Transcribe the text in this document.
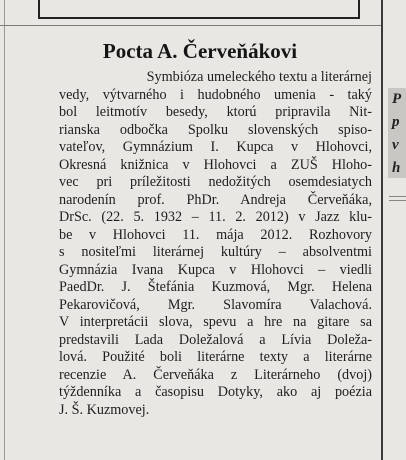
P
p
v
h
Pocta A. Červeňákovi
Symbióza umeleckého textu a literárnej
vedy, výtvarného i hudobného umenia - taký
bol leitmotív besedy, ktorú pripravila Nit-
rianska odbočka Spolku slovenských spiso-
vateľov, Gymnázium I. Kupca v Hlohovci,
Okresná knižnica v Hlohovci a ZUŠ Hloho-
vec pri príležitosti nedožitých osemdesiatych
narodenín prof. PhDr. Andreja Červeňáka,
DrSc. (22. 5. 1932 – 11. 2. 2012) v Jazz klu-
be v Hlohovci 11. mája 2012. Rozhovory
s nositeľmi literárnej kultúry – absolventmi
Gymnázia Ivana Kupca v Hlohovci – viedli
PaedDr. J. Štefánia Kuzmová, Mgr. Helena
Pekarovičová, Mgr. Slavomíra Valachová.
V interpretácii slova, spevu a hre na gitare sa
predstavili Lada Doležalová a Lívia Doleža-
lová. Použité boli literárne texty a literárne
recenzie A. Červeňáka z Literárneho (dvoj)
týždenníka a časopisu Dotyky, ako aj poézia
J. Š. Kuzmovej.
